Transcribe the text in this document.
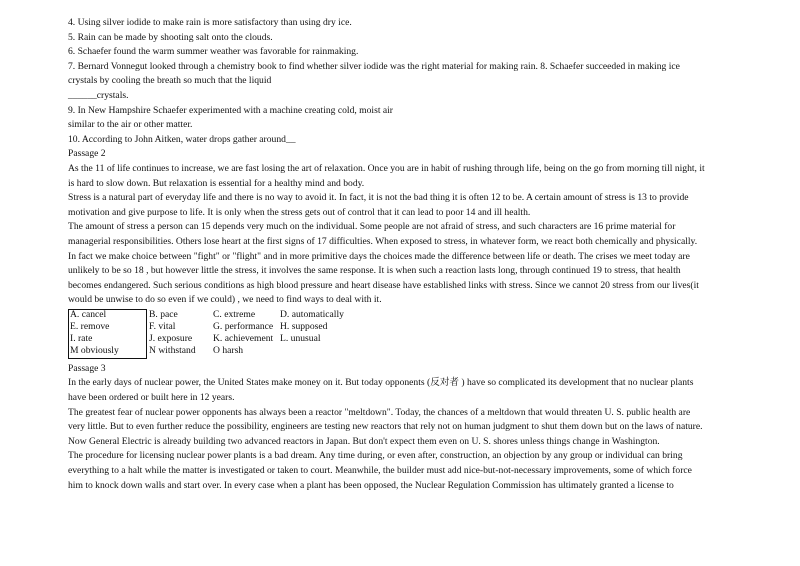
4. Using silver iodide to make rain is more satisfactory than using dry ice.
5. Rain can be made by shooting salt onto the clouds.
6. Schaefer found the warm summer weather was favorable for rainmaking.
7. Bernard Vonnegut looked through a chemistry book to find whether silver iodide was the right material for making rain. 8. Schaefer succeeded in making ice
crystals by cooling the breath so much that the liquid
______crystals.
9. In New Hampshire Schaefer experimented with a machine creating cold, moist air
similar to the air or other matter.
10. According to John Aitken, water drops gather around__
Passage 2
As the 11 of life continues to increase, we are fast losing the art of relaxation. Once you are in habit of rushing through life, being on the go from morning till night, it
is hard to slow down. But relaxation is essential for a healthy mind and body.
Stress is a natural part of everyday life and there is no way to avoid it. In fact, it is not the bad thing it is often 12 to be. A certain amount of stress is 13 to provide
motivation and give purpose to life. It is only when the stress gets out of control that it can lead to poor 14 and ill health.
The amount of stress a person can 15 depends very much on the individual. Some people are not afraid of stress, and such characters are 16 prime material for
managerial responsibilities. Others lose heart at the first signs of 17 difficulties. When exposed to stress, in whatever form, we react both chemically and physically.
In fact we make choice between "fight" or "flight" and in more primitive days the choices made the difference between life or death. The crises we meet today are
unlikely to be so 18 , but however little the stress, it involves the same response. It is when such a reaction lasts long, through continued 19 to stress, that health
becomes endangered. Such serious conditions as high blood pressure and heart disease have established links with stress. Since we cannot 20 stress from our lives(it
would be unwise to do so even if we could) , we need to find ways to deal with it.
A. cancel	B. pace	C. extreme	D. automatically
E. remove	F. vital	G. performance H. supposed
I. rate	J. exposure K. achievement L. unusual
M obviously	N withstand O harsh
Passage 3
In the early days of nuclear power, the United States make money on it. But today opponents (反对者 ) have so complicated its development that no nuclear plants
have been ordered or built here in 12 years.
The greatest fear of nuclear power opponents has always been a reactor "meltdown". Today, the chances of a meltdown that would threaten U. S. public health are
very little. But to even further reduce the possibility, engineers are testing new reactors that rely not on human judgment to shut them down but on the laws of nature.
Now General Electric is already building two advanced reactors in Japan. But don't expect them even on U. S. shores unless things change in Washington.
The procedure for licensing nuclear power plants is a bad dream. Any time during, or even after, construction, an objection by any group or individual can bring
everything to a halt while the matter is investigated or taken to court. Meanwhile, the builder must add nice-but-not-necessary improvements, some of which force
him to knock down walls and start over. In every case when a plant has been opposed, the Nuclear Regulation Commission has ultimately granted a license to
